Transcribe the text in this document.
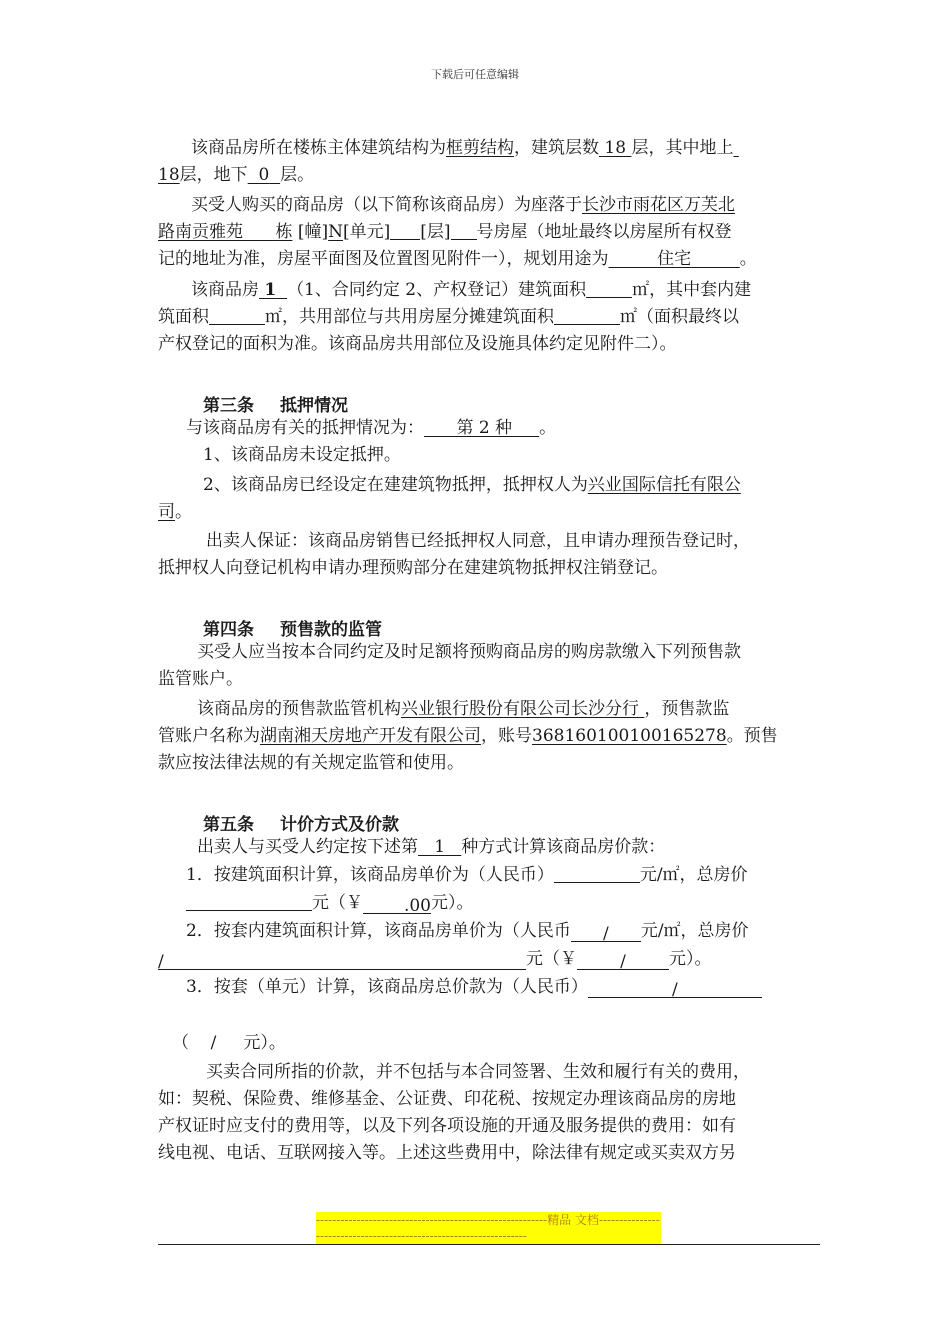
下载后可任意编辑
该商品房所在楼栋主体建筑结构为框剪结构，建筑层数 18 层，其中地上
18层，地下 0 层。
买受人购买的商品房（以下简称该商品房）为座落于长沙市雨花区万芙北
路南贡雅苑 栋 [幢]N[单元] [层] 号房屋（地址最终以房屋所有权登
记的地址为准，房屋平面图及位置图见附件一），规划用途为	住宅	。
该商品房 1 （1、合同约定 2、产权登记）建筑面积	㎡，其中套内建
筑面积	㎡，共用部位与共用房屋分摊建筑面积	㎡（面积最终以
产权登记的面积为准。该商品房共用部位及设施具体约定见附件二）。
第三条 抵押情况
与该商品房有关的抵押情况为： 第 2 种 。
1、该商品房未设定抵押。
2、该商品房已经设定在建建筑物抵押，抵押权人为兴业国际信托有限公
司。
出卖人保证：该商品房销售已经抵押权人同意，且申请办理预告登记时，
抵押权人向登记机构申请办理预购部分在建建筑物抵押权注销登记。
第四条 预售款的监管
买受人应当按本合同约定及时足额将预购商品房的购房款缴入下列预售款
监管账户。
该商品房的预售款监管机构兴业银行股份有限公司长沙分行 ，预售款监
管账户名称为湖南湘天房地产开发有限公司，账号368160100100165278。预售
款应按法律法规的有关规定监管和使用。
第五条 计价方式及价款
出卖人与买受人约定按下述第 1 种方式计算该商品房价款：
1．按建筑面积计算，该商品房单价为（人民币）	元/㎡，总房价
元（￥ .00元）。
2．按套内建筑面积计算，该商品房单价为（人民币 / 元/㎡，总房价
/	元（￥	/	元）。
3．按套（单元）计算，该商品房总价款为（人民币）	/
（ / 元）。
买卖合同所指的价款，并不包括与本合同签署、生效和履行有关的费用，
如：契税、保险费、维修基金、公证费、印花税、按规定办理该商品房的房地
产权证时应支付的费用等，以及下列各项设施的开通及服务提供的费用：如有
线电视、电话、互联网接入等。上述这些费用中，除法律有规定或买卖双方另
---------------------------------------------------------精品 文档-------------------------------------------------------------------
